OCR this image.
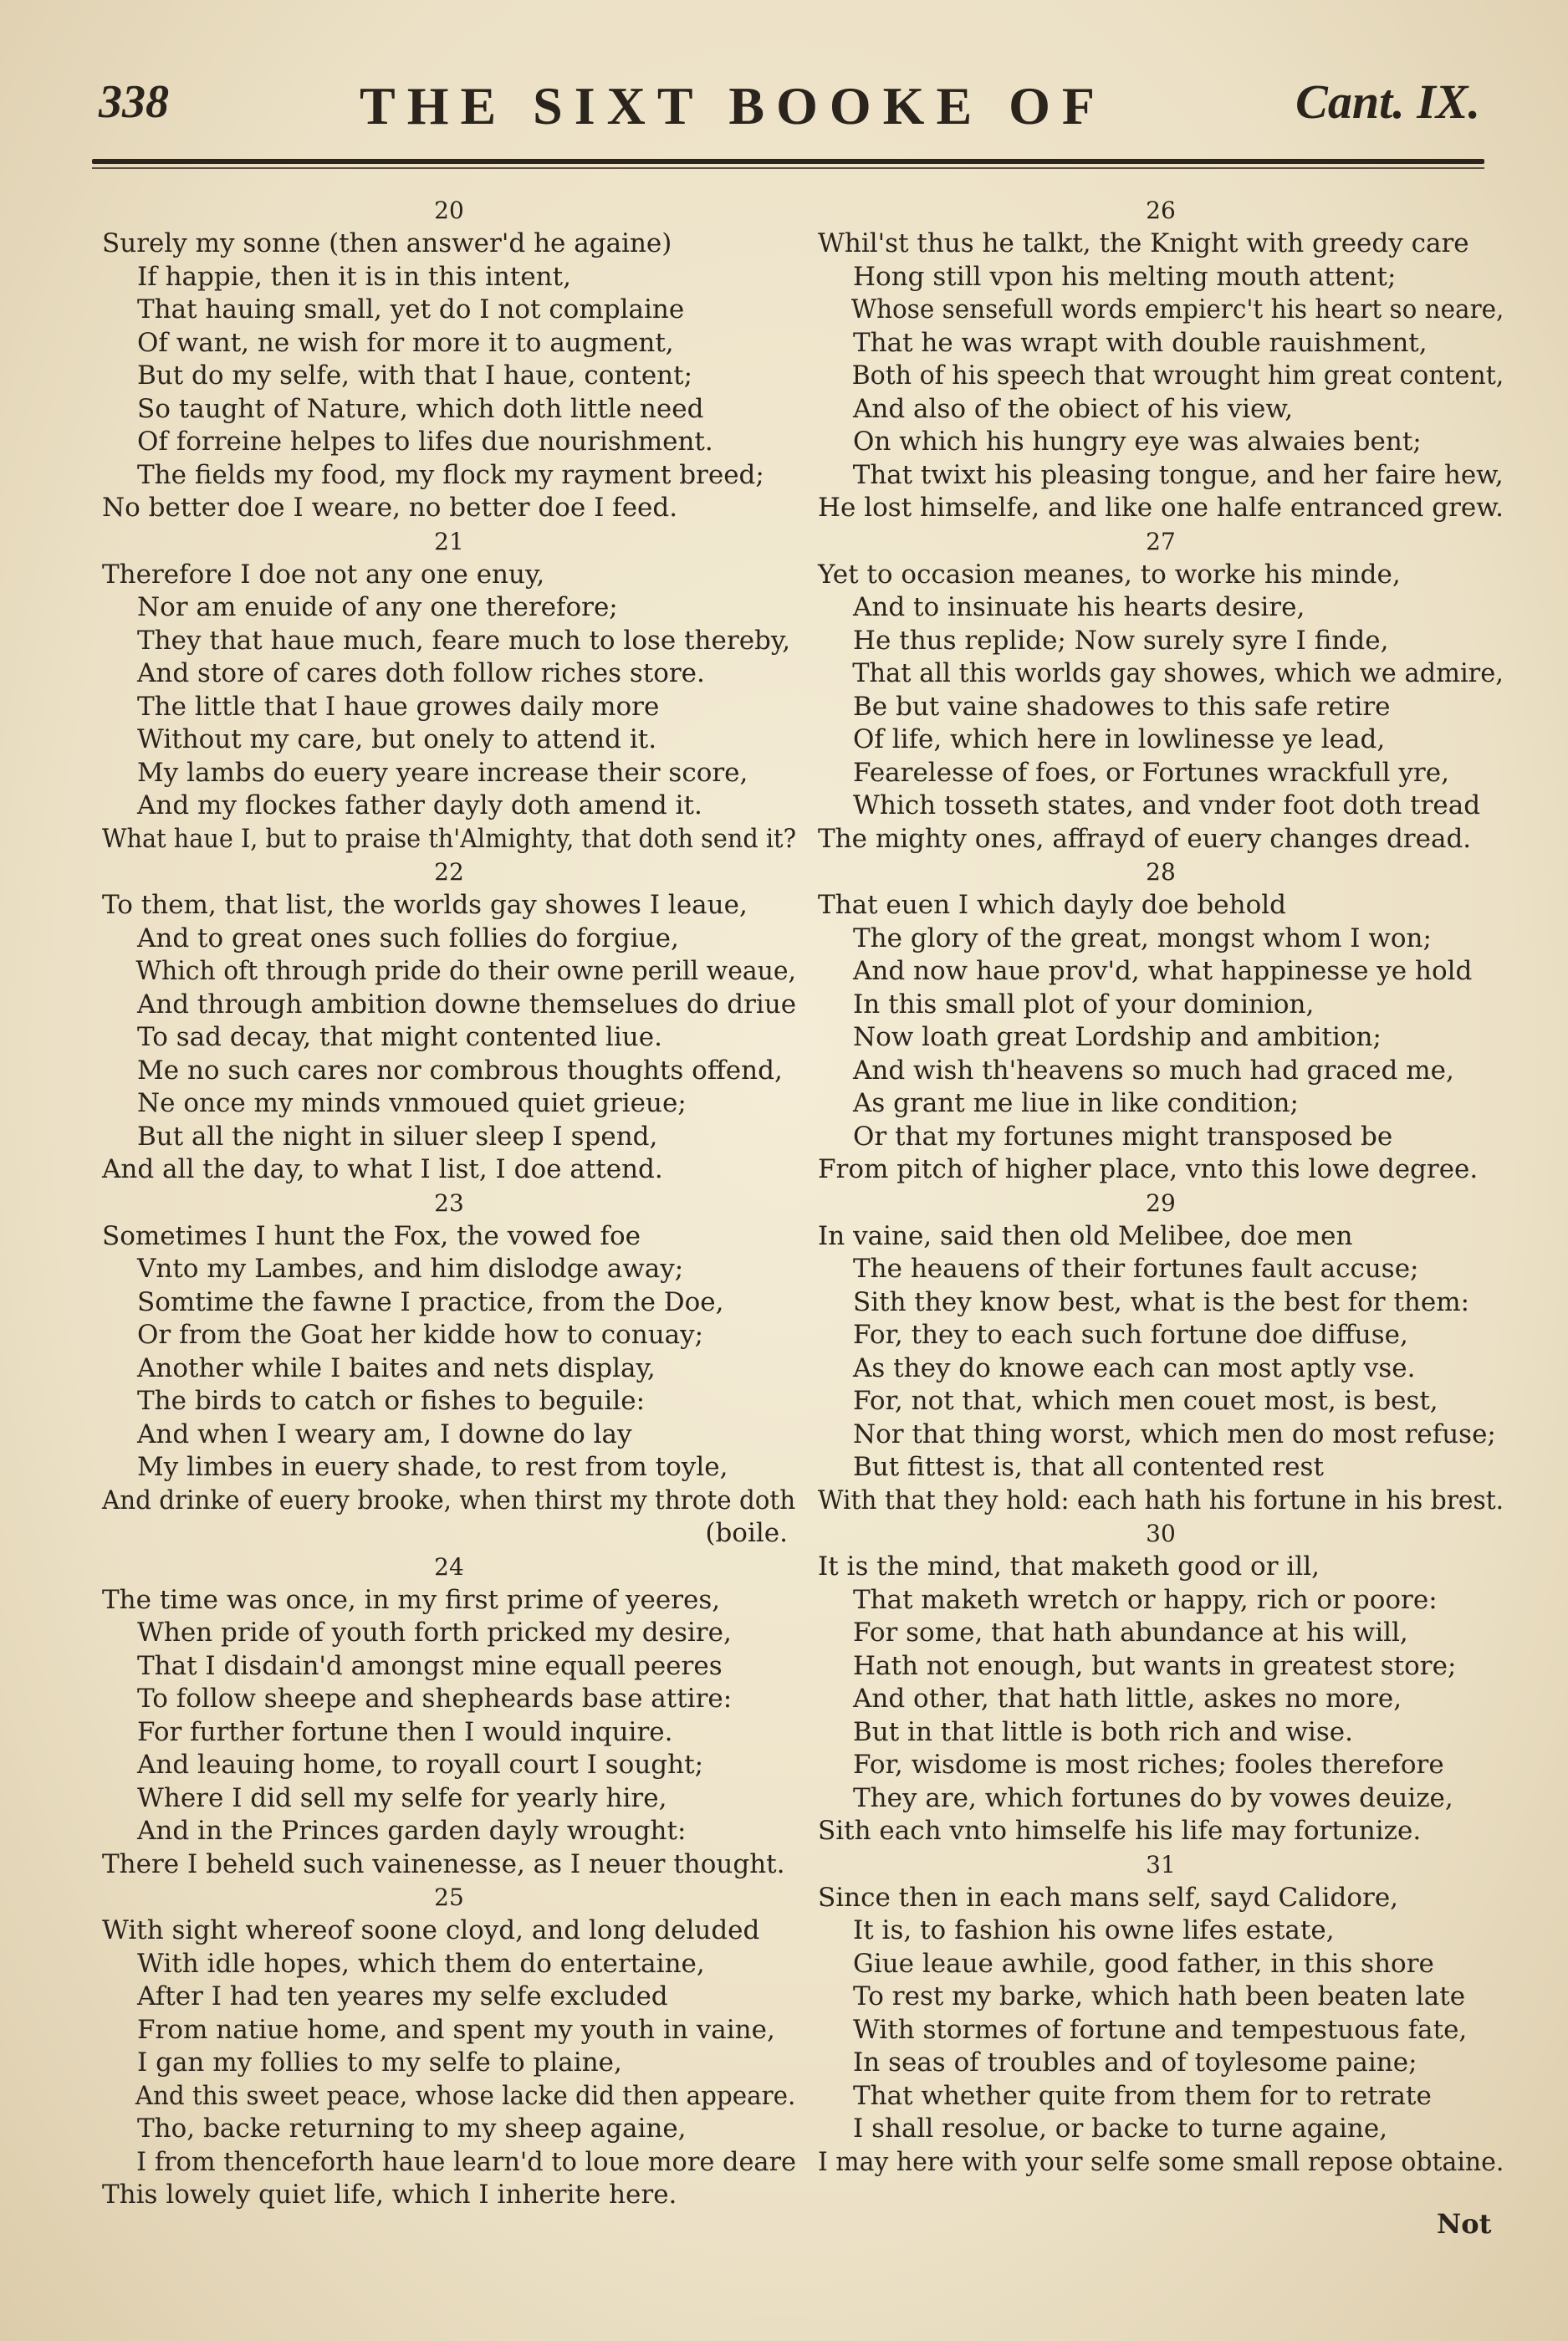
338	THE SIXT BOOKE OF	Cant. IX.
20
Surely my sonne (then answer'd he againe)
If happie, then it is in this intent,
That hauing small, yet do I not complaine
Of want, ne wish for more it to augment,
But do my selfe, with that I haue, content;
So taught of Nature, which doth little need
Of forreine helpes to lifes due nourishment.
The fields my food, my flock my rayment breed;
No better doe I weare, no better doe I feed.
21
Therefore I doe not any one enuy,
Nor am enuide of any one therefore;
They that haue much, feare much to lose thereby,
And store of cares doth follow riches store.
The little that I haue growes daily more
Without my care, but onely to attend it.
My lambs do euery yeare increase their score,
And my flockes father dayly doth amend it.
What haue I, but to praise th'Almighty, that doth send it?
22
To them, that list, the worlds gay showes I leaue,
And to great ones such follies do forgiue,
Which oft through pride do their owne perill weaue,
And through ambition downe themselues do driue
To sad decay, that might contented liue.
Me no such cares nor combrous thoughts offend,
Ne once my minds vnmoued quiet grieue;
But all the night in siluer sleep I spend,
And all the day, to what I list, I doe attend.
23
Sometimes I hunt the Fox, the vowed foe
Vnto my Lambes, and him dislodge away;
Somtime the fawne I practice, from the Doe,
Or from the Goat her kidde how to conuay;
Another while I baites and nets display,
The birds to catch or fishes to beguile:
And when I weary am, I downe do lay
My limbes in euery shade, to rest from toyle,
And drinke of euery brooke, when thirst my throte doth
(boile.
24
The time was once, in my first prime of yeeres,
When pride of youth forth pricked my desire,
That I disdain'd amongst mine equall peeres
To follow sheepe and shepheards base attire:
For further fortune then I would inquire.
And leauing home, to royall court I sought;
Where I did sell my selfe for yearly hire,
And in the Princes garden dayly wrought:
There I beheld such vainenesse, as I neuer thought.
25
With sight whereof soone cloyd, and long deluded
With idle hopes, which them do entertaine,
After I had ten yeares my selfe excluded
From natiue home, and spent my youth in vaine,
I gan my follies to my selfe to plaine,
And this sweet peace, whose lacke did then appeare.
Tho, backe returning to my sheep againe,
I from thenceforth haue learn'd to loue more deare
This lowely quiet life, which I inherite here.
26
Whil'st thus he talkt, the Knight with greedy care
Hong still vpon his melting mouth attent;
Whose sensefull words empierc't his heart so neare,
That he was wrapt with double rauishment,
Both of his speech that wrought him great content,
And also of the obiect of his view,
On which his hungry eye was alwaies bent;
That twixt his pleasing tongue, and her faire hew,
He lost himselfe, and like one halfe entranced grew.
27
Yet to occasion meanes, to worke his minde,
And to insinuate his hearts desire,
He thus replide; Now surely syre I finde,
That all this worlds gay showes, which we admire,
Be but vaine shadowes to this safe retire
Of life, which here in lowlinesse ye lead,
Fearelesse of foes, or Fortunes wrackfull yre,
Which tosseth states, and vnder foot doth tread
The mighty ones, affrayd of euery changes dread.
28
That euen I which dayly doe behold
The glory of the great, mongst whom I won;
And now haue prov'd, what happinesse ye hold
In this small plot of your dominion,
Now loath great Lordship and ambition;
And wish th'heavens so much had graced me,
As grant me liue in like condition;
Or that my fortunes might transposed be
From pitch of higher place, vnto this lowe degree.
29
In vaine, said then old Melibee, doe men
The heauens of their fortunes fault accuse;
Sith they know best, what is the best for them:
For, they to each such fortune doe diffuse,
As they do knowe each can most aptly vse.
For, not that, which men couet most, is best,
Nor that thing worst, which men do most refuse;
But fittest is, that all contented rest
With that they hold: each hath his fortune in his brest.
30
It is the mind, that maketh good or ill,
That maketh wretch or happy, rich or poore:
For some, that hath abundance at his will,
Hath not enough, but wants in greatest store;
And other, that hath little, askes no more,
But in that little is both rich and wise.
For, wisdome is most riches; fooles therefore
They are, which fortunes do by vowes deuize,
Sith each vnto himselfe his life may fortunize.
31
Since then in each mans self, sayd Calidore,
It is, to fashion his owne lifes estate,
Giue leaue awhile, good father, in this shore
To rest my barke, which hath been beaten late
With stormes of fortune and tempestuous fate,
In seas of troubles and of toylesome paine;
That whether quite from them for to retrate
I shall resolue, or backe to turne againe,
I may here with your selfe some small repose obtaine.
Not
